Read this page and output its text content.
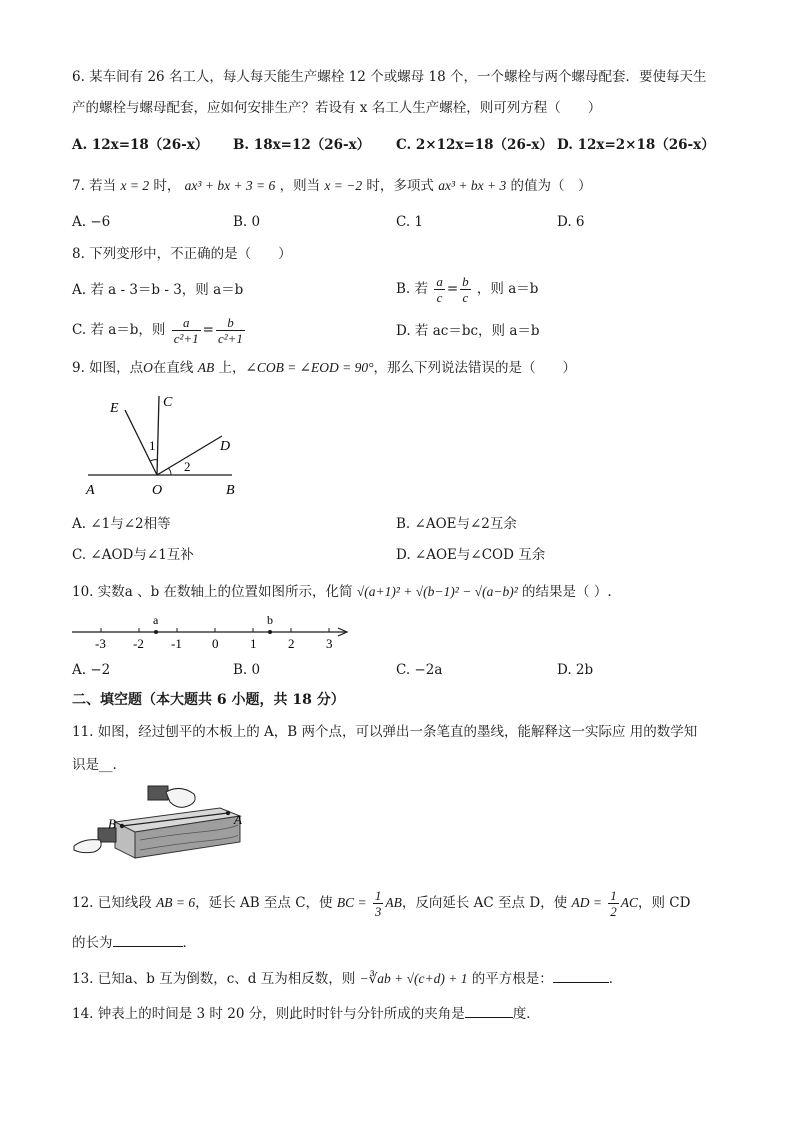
6. 某车间有 26 名工人，每人每天能生产螺栓 12 个或螺母 18 个，一个螺栓与两个螺母配套．要使每天生
产的螺栓与螺母配套，应如何安排生产？若设有 x 名工人生产螺栓，则可列方程（　　）
A. 12x=18（26-x） B. 18x=12（26-x） C. 2×12x=18（26-x） D. 12x=2×18（26-x）
7. 若当 x = 2 时， ax³ + bx + 3 = 6 ，则当 x = −2 时，多项式 ax³ + bx + 3 的值为（　）
A. −6	B. 0	C. 1	D. 6
8. 下列变形中，不正确的是（　　）
A. 若 a - 3＝b - 3，则 a＝b	B. 若 $\frac{a}{c} = \frac{b}{c}$ ，则 a＝b
C. 若 a＝b，则 $\frac{a}{\text{c²+1}} = \frac{b}{\text{c²+1}}$	D. 若 ac＝bc，则 a＝b
9. 如图，点O在直线 AB 上，∠COB = ∠EOD = 90°，那么下列说法错误的是（　　）
E	C
D
A	O	B
1
2
A. ∠1与∠2相等	B. ∠AOE与∠2互余
C. ∠AOD与∠1互补	D. ∠AOE与∠COD 互余
10. 实数a 、b 在数轴上的位置如图所示，化简 √(a+1)² + √(b−1)² − √(a−b)² 的结果是（ ）.
-3 -2 -1 0 1 2 3
a	b
A. −2	B. 0	C. −2a	D. 2b
二、填空题（本大题共 6 小题，共 18 分）
11. 如图，经过刨平的木板上的 A，B 两个点，可以弹出一条笔直的墨线，能解释这一实际应 用的数学知
识是__.
A
B
12. 已知线段 AB = 6，延长 AB 至点 C，使 BC = $\frac{1}{3}$ AB，反向延长 AC 至点 D，使 AD = $\frac{1}{2}$ AC，则 CD
的长为	．
13. 已知a、b 互为倒数，c、d 互为相反数，则 −∛ab + √(c+d) + 1 的平方根是：	．
14. 钟表上的时间是 3 时 20 分，则此时时针与分针所成的夹角是	度．
